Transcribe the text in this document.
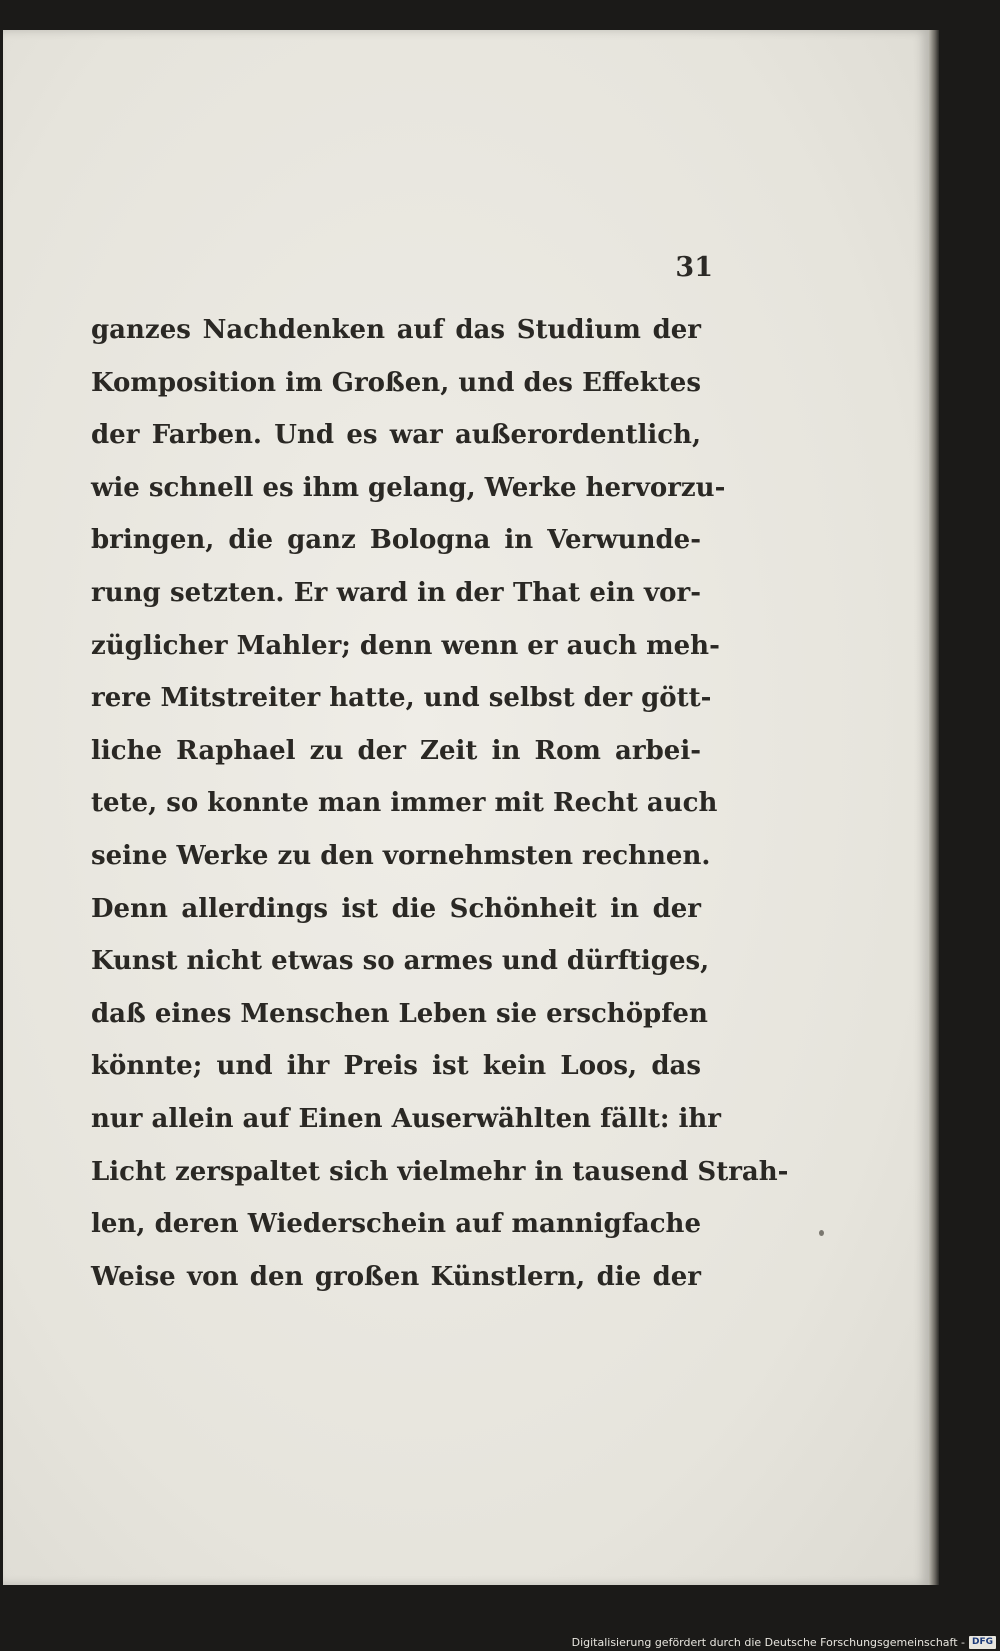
31

ganzes Nachdenken auf das Studium der
Komposition im Großen, und des Effektes
der Farben. Und es war außerordentlich,
wie schnell es ihm gelang, Werke hervorzu-
bringen, die ganz Bologna in Verwunde-
rung setzten. Er ward in der That ein vor-
züglicher Mahler; denn wenn er auch meh-
rere Mitstreiter hatte, und selbst der gött-
liche Raphael zu der Zeit in Rom arbei-
tete, so konnte man immer mit Recht auch
seine Werke zu den vornehmsten rechnen.
Denn allerdings ist die Schönheit in der
Kunst nicht etwas so armes und dürftiges,
daß eines Menschen Leben sie erschöpfen
könnte; und ihr Preis ist kein Loos, das
nur allein auf Einen Auserwählten fällt: ihr
Licht zerspaltet sich vielmehr in tausend Strah-
len, deren Wiederschein auf mannigfache
Weise von den großen Künstlern, die der
Digitalisierung gefördert durch die Deutsche Forschungsgemeinschaft - DFG
